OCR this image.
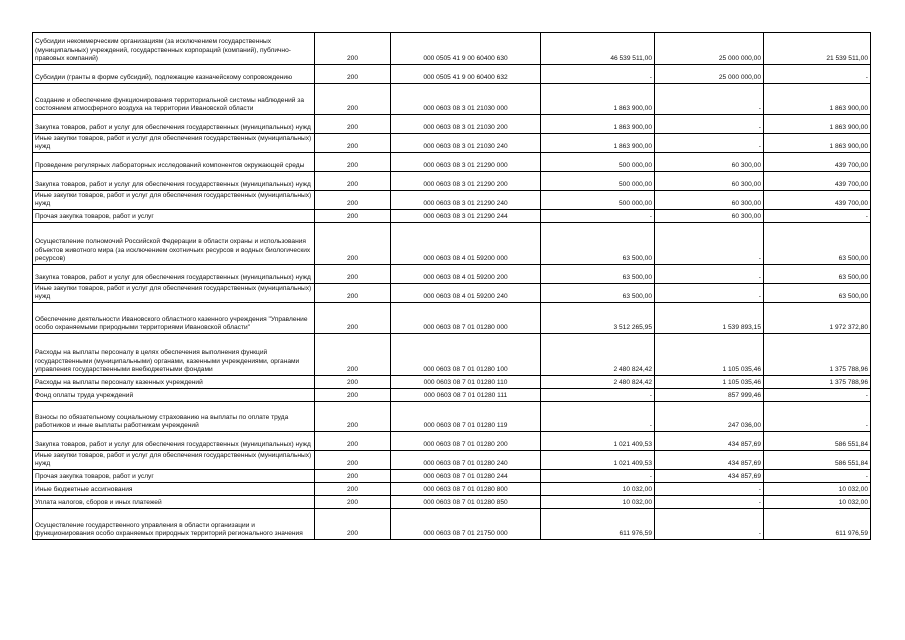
Субсидии некоммерческим организациям (за исключением государственных (муниципальных) учреждений, государственных корпораций (компаний), публично-правовых компаний)	200	000 0505 41 9 00 60400 630	46 539 511,00	25 000 000,00	21 539 511,00
Субсидии (гранты в форме субсидий), подлежащие казначейскому сопровождению	200	000 0505 41 9 00 60400 632	-	25 000 000,00	-
Создание и обеспечение функционирования территориальной системы наблюдений за состоянием атмосферного воздуха на территории Ивановской области	200	000 0603 08 3 01 21030 000	1 863 900,00	-	1 863 900,00
Закупка товаров, работ и услуг для обеспечения государственных (муниципальных) нужд	200	000 0603 08 3 01 21030 200	1 863 900,00	-	1 863 900,00
Иные закупки товаров, работ и услуг для обеспечения государственных (муниципальных) нужд	200	000 0603 08 3 01 21030 240	1 863 900,00	-	1 863 900,00
Проведение регулярных лабораторных исследований компонентов окружающей среды	200	000 0603 08 3 01 21290 000	500 000,00	60 300,00	439 700,00
Закупка товаров, работ и услуг для обеспечения государственных (муниципальных) нужд	200	000 0603 08 3 01 21290 200	500 000,00	60 300,00	439 700,00
Иные закупки товаров, работ и услуг для обеспечения государственных (муниципальных) нужд	200	000 0603 08 3 01 21290 240	500 000,00	60 300,00	439 700,00
Прочая закупка товаров, работ и услуг	200	000 0603 08 3 01 21290 244	-	60 300,00	-
Осуществление полномочий Российской Федерации в области охраны и использования объектов животного мира (за исключением охотничьих ресурсов и водных биологических ресурсов)	200	000 0603 08 4 01 59200 000	63 500,00	-	63 500,00
Закупка товаров, работ и услуг для обеспечения государственных (муниципальных) нужд	200	000 0603 08 4 01 59200 200	63 500,00	-	63 500,00
Иные закупки товаров, работ и услуг для обеспечения государственных (муниципальных) нужд	200	000 0603 08 4 01 59200 240	63 500,00	-	63 500,00
Обеспечение деятельности Ивановского областного казенного учреждения "Управление особо охраняемыми природными территориями Ивановской области"	200	000 0603 08 7 01 01280 000	3 512 265,95	1 539 893,15	1 972 372,80
Расходы на выплаты персоналу в целях обеспечения выполнения функций государственными (муниципальными) органами, казенными учреждениями, органами управления государственными внебюджетными фондами	200	000 0603 08 7 01 01280 100	2 480 824,42	1 105 035,46	1 375 788,96
Расходы на выплаты персоналу казенных учреждений	200	000 0603 08 7 01 01280 110	2 480 824,42	1 105 035,46	1 375 788,96
Фонд оплаты труда учреждений	200	000 0603 08 7 01 01280 111	-	857 999,46	-
Взносы по обязательному социальному страхованию на выплаты по оплате труда работников и иные выплаты работникам учреждений	200	000 0603 08 7 01 01280 119	-	247 036,00	-
Закупка товаров, работ и услуг для обеспечения государственных (муниципальных) нужд	200	000 0603 08 7 01 01280 200	1 021 409,53	434 857,69	586 551,84
Иные закупки товаров, работ и услуг для обеспечения государственных (муниципальных) нужд	200	000 0603 08 7 01 01280 240	1 021 409,53	434 857,69	586 551,84
Прочая закупка товаров, работ и услуг	200	000 0603 08 7 01 01280 244	-	434 857,69	-
Иные бюджетные ассигнования	200	000 0603 08 7 01 01280 800	10 032,00	-	10 032,00
Уплата налогов, сборов и иных платежей	200	000 0603 08 7 01 01280 850	10 032,00	-	10 032,00
Осуществление государственного управления в области организации и функционирования особо охраняемых природных территорий регионального значения	200	000 0603 08 7 01 21750 000	611 976,59	-	611 976,59
